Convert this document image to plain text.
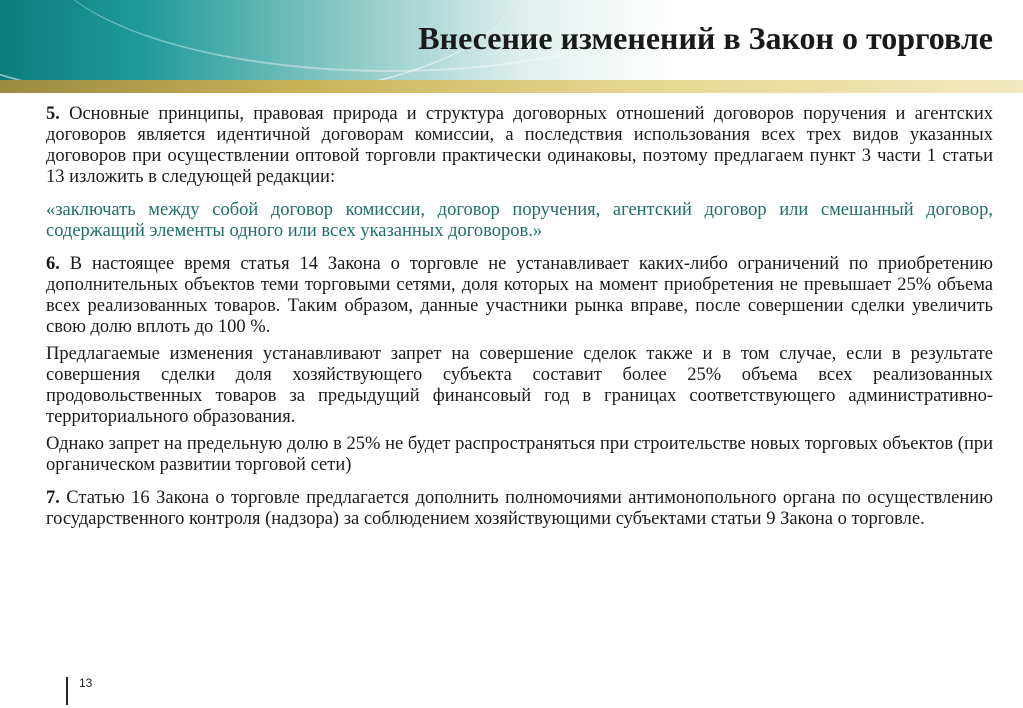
Внесение изменений в Закон о торговле

5. Основные принципы, правовая природа и структура договорных отношений договоров поручения и агентских договоров является идентичной договорам комиссии, а последствия использования всех трех видов указанных договоров при осуществлении оптовой торговли практически одинаковы, поэтому предлагаем пункт 3 части 1 статьи 13 изложить в следующей редакции:

«заключать между собой договор комиссии, договор поручения, агентский договор или смешанный договор, содержащий элементы одного или всех указанных договоров.»

6. В настоящее время статья 14 Закона о торговле не устанавливает каких-либо ограничений по приобретению дополнительных объектов теми торговыми сетями, доля которых на момент приобретения не превышает 25% объема всех реализованных товаров. Таким образом, данные участники рынка вправе, после совершении сделки увеличить свою долю вплоть до 100 %.

Предлагаемые изменения устанавливают запрет на совершение сделок также и в том случае, если в результате совершения сделки доля хозяйствующего субъекта составит более 25% объема всех реализованных продовольственных товаров за предыдущий финансовый год в границах соответствующего административно-территориального образования.

Однако запрет на предельную долю в 25% не будет распространяться при строительстве новых торговых объектов (при органическом развитии торговой сети)

7. Статью 16 Закона о торговле предлагается дополнить полномочиями антимонопольного органа по осуществлению государственного контроля (надзора) за соблюдением хозяйствующими субъектами статьи 9 Закона о торговле.

13
